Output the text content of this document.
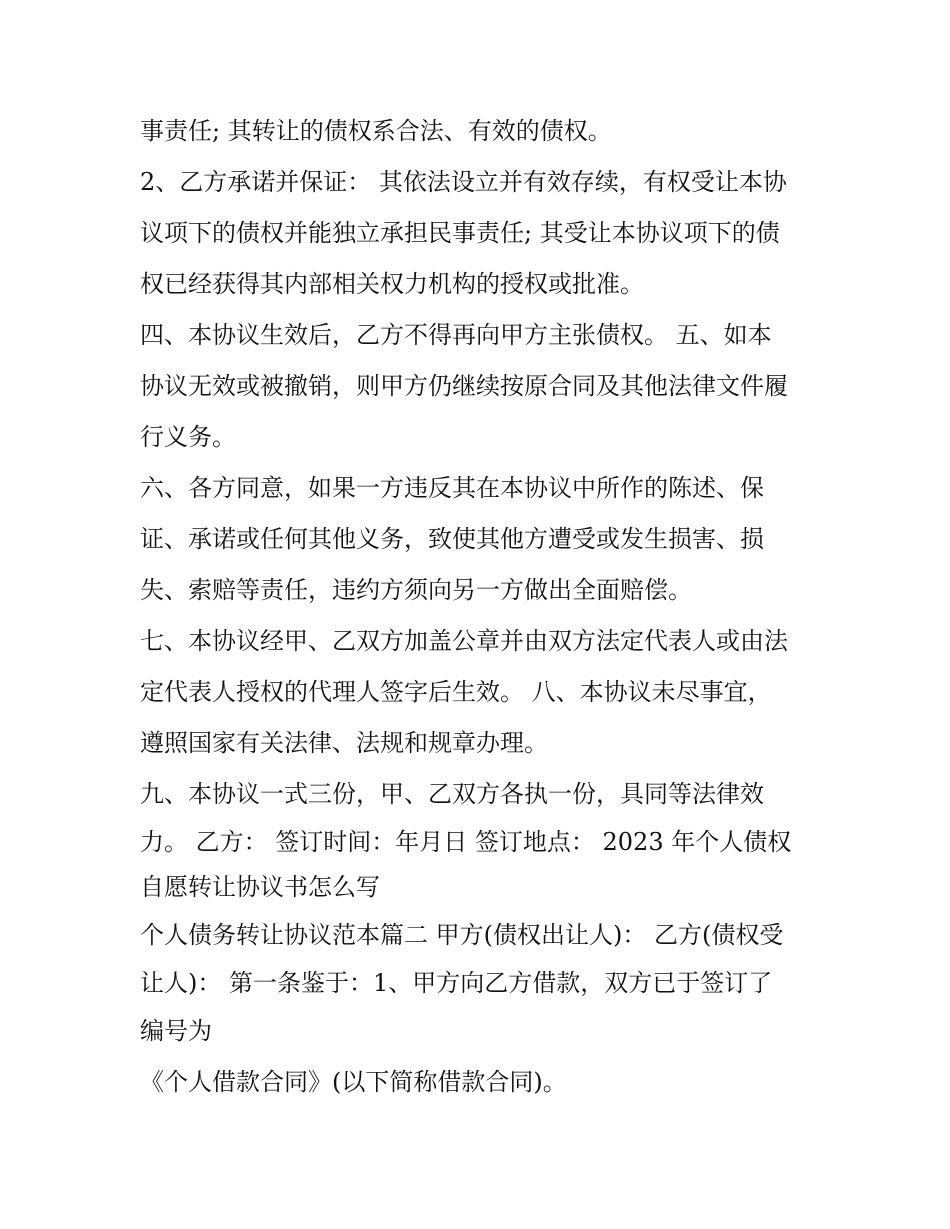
事责任; 其转让的债权系合法、有效的债权。
2、乙方承诺并保证： 其依法设立并有效存续，有权受让本协
议项下的债权并能独立承担民事责任; 其受让本协议项下的债
权已经获得其内部相关权力机构的授权或批准。
四、本协议生效后，乙方不得再向甲方主张债权。 五、如本
协议无效或被撤销，则甲方仍继续按原合同及其他法律文件履
行义务。
六、各方同意，如果一方违反其在本协议中所作的陈述、保
证、承诺或任何其他义务，致使其他方遭受或发生损害、损
失、索赔等责任，违约方须向另一方做出全面赔偿。
七、本协议经甲、乙双方加盖公章并由双方法定代表人或由法
定代表人授权的代理人签字后生效。 八、本协议未尽事宜，
遵照国家有关法律、法规和规章办理。
九、本协议一式三份，甲、乙双方各执一份，具同等法律效
力。 乙方： 签订时间：年月日 签订地点： 2023 年个人债权
自愿转让协议书怎么写
个人债务转让协议范本篇二 甲方(债权出让人)： 乙方(债权受
让人)： 第一条鉴于：1、甲方向乙方借款，双方已于签订了
编号为
《个人借款合同》(以下简称借款合同)。
